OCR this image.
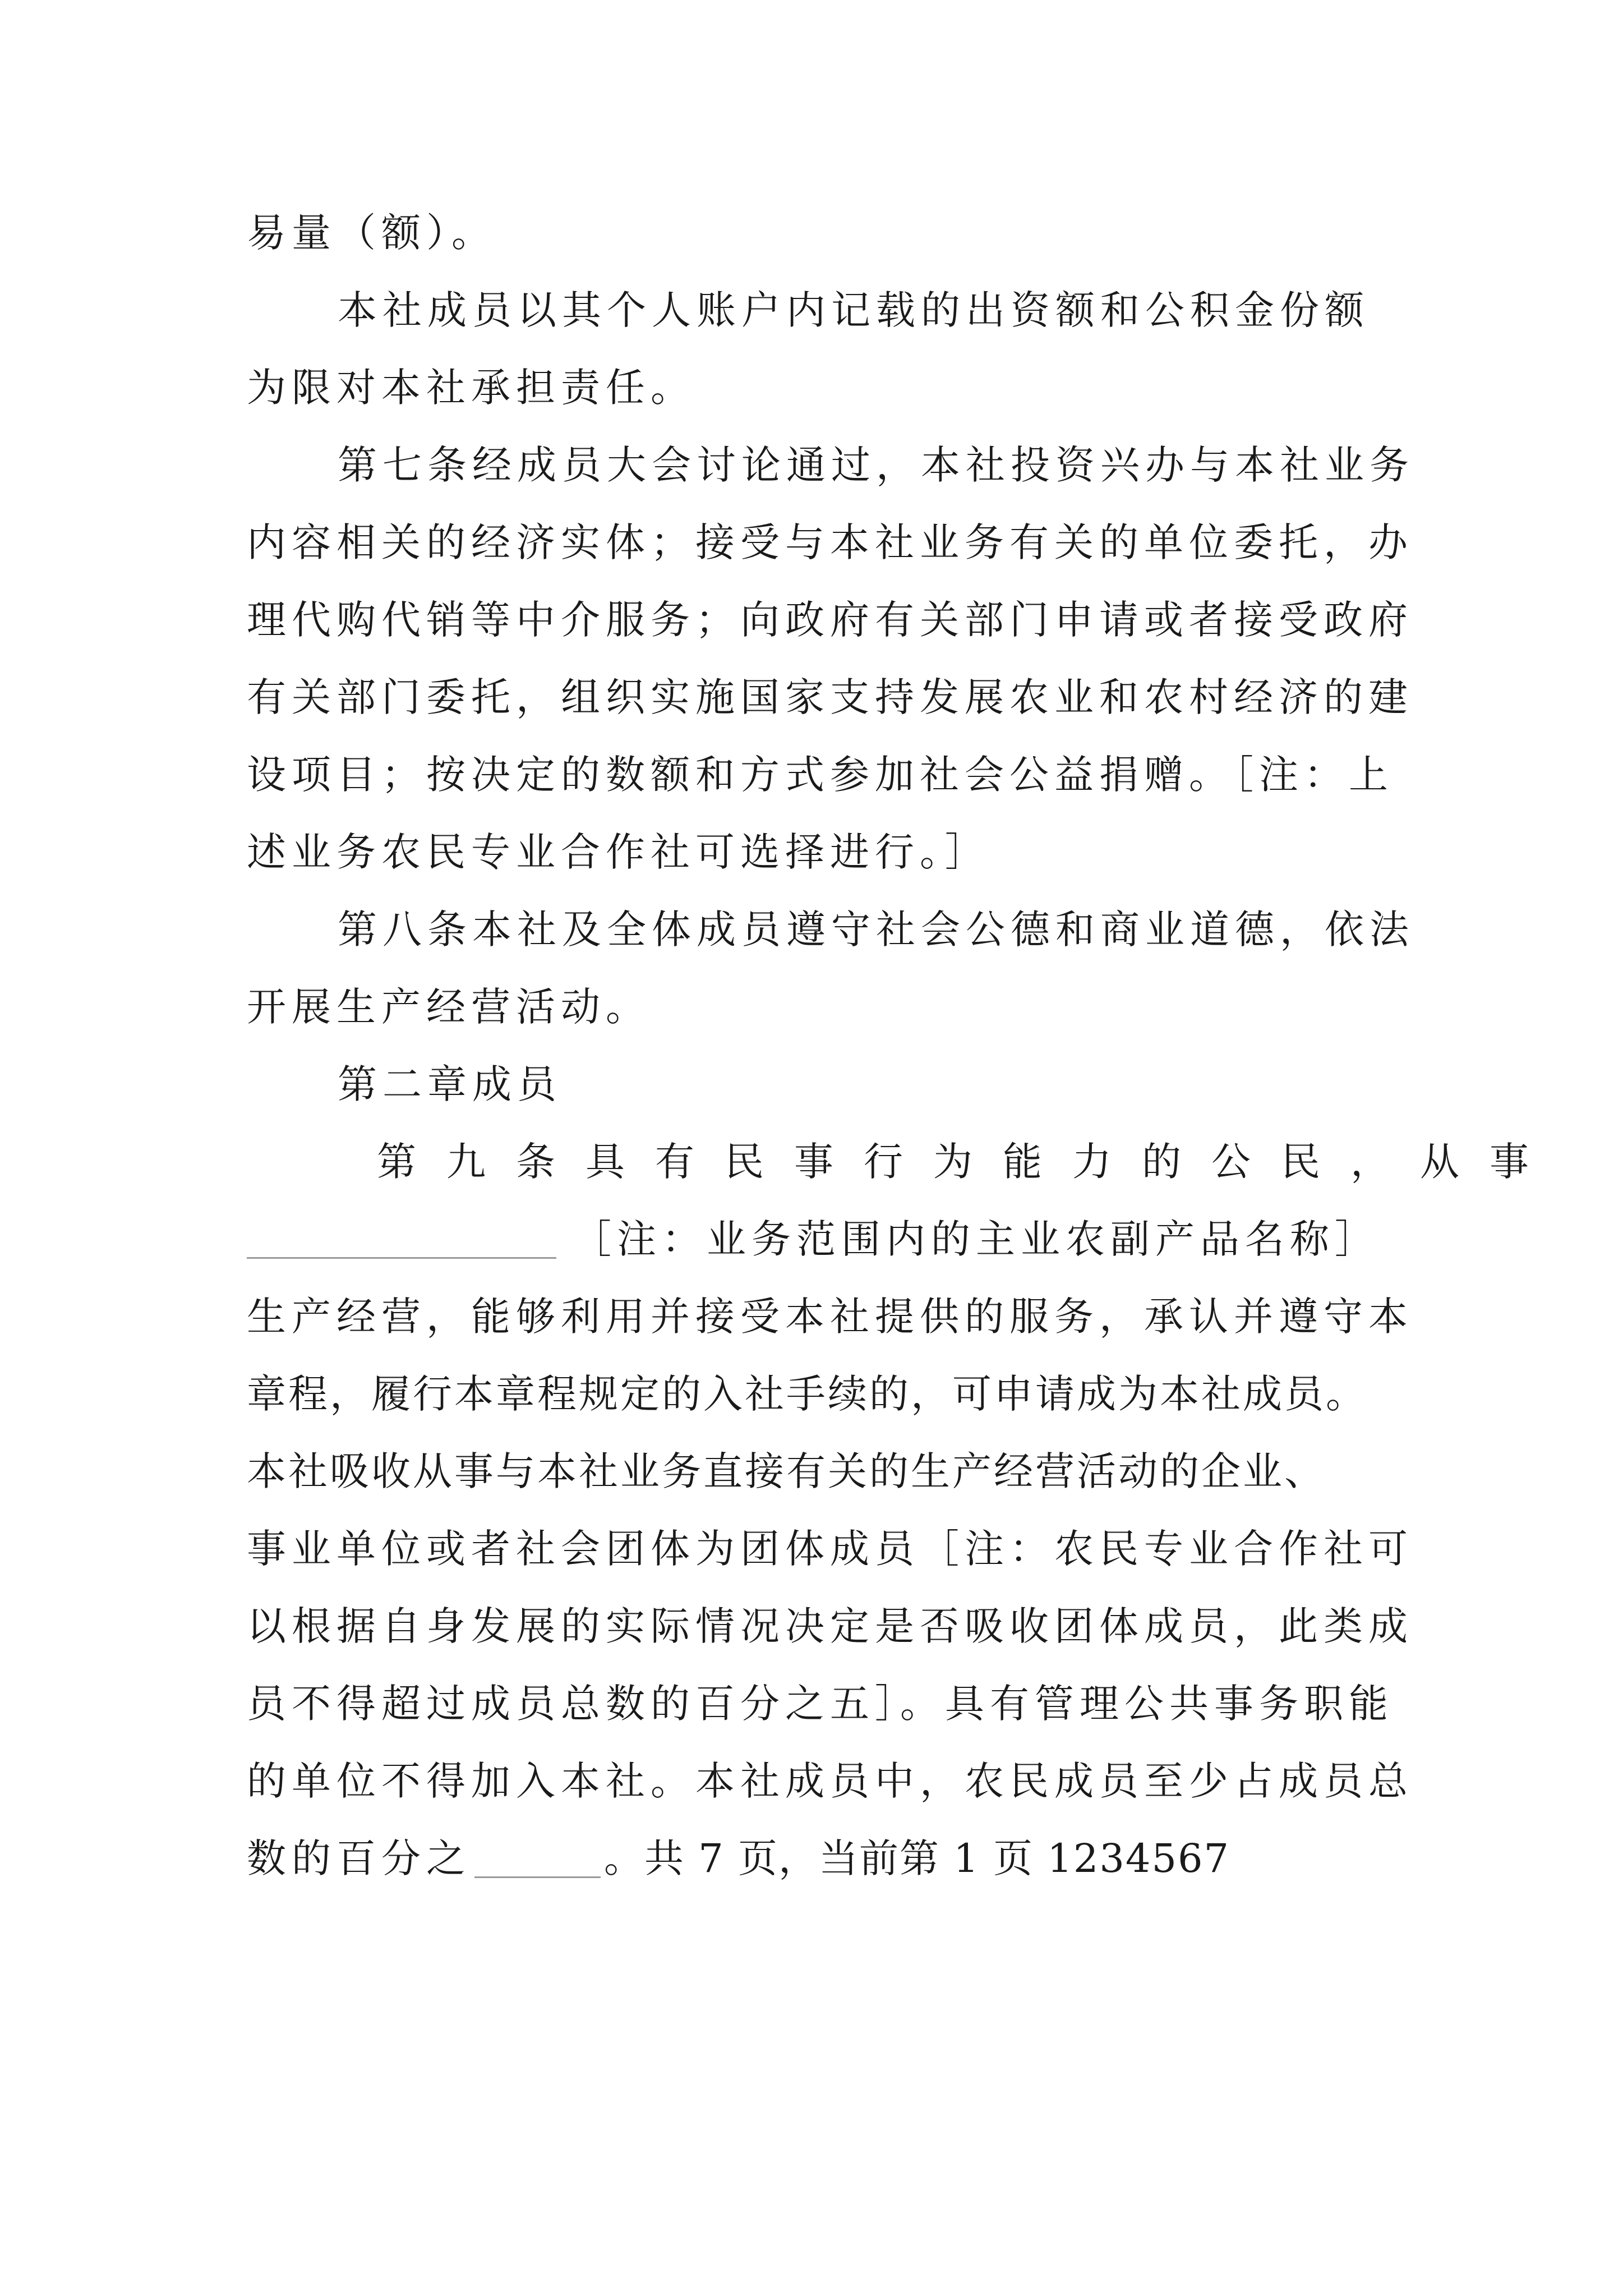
易量（额）。
本社成员以其个人账户内记载的出资额和公积金份额
为限对本社承担责任。
第七条经成员大会讨论通过，本社投资兴办与本社业务
内容相关的经济实体；接受与本社业务有关的单位委托，办
理代购代销等中介服务；向政府有关部门申请或者接受政府
有关部门委托，组织实施国家支持发展农业和农村经济的建
设项目；按决定的数额和方式参加社会公益捐赠。［注：上
述业务农民专业合作社可选择进行。］
第八条本社及全体成员遵守社会公德和商业道德，依法
开展生产经营活动。
第二章成员
第九条具有民事行为能力的公民，从事
［注：业务范围内的主业农副产品名称］
生产经营，能够利用并接受本社提供的服务，承认并遵守本
章程，履行本章程规定的入社手续的，可申请成为本社成员。
本社吸收从事与本社业务直接有关的生产经营活动的企业、
事业单位或者社会团体为团体成员［注：农民专业合作社可
以根据自身发展的实际情况决定是否吸收团体成员，此类成
员不得超过成员总数的百分之五］。具有管理公共事务职能
的单位不得加入本社。本社成员中，农民成员至少占成员总
数的百分之	。共 7 页，当前第 1 页 1234567
